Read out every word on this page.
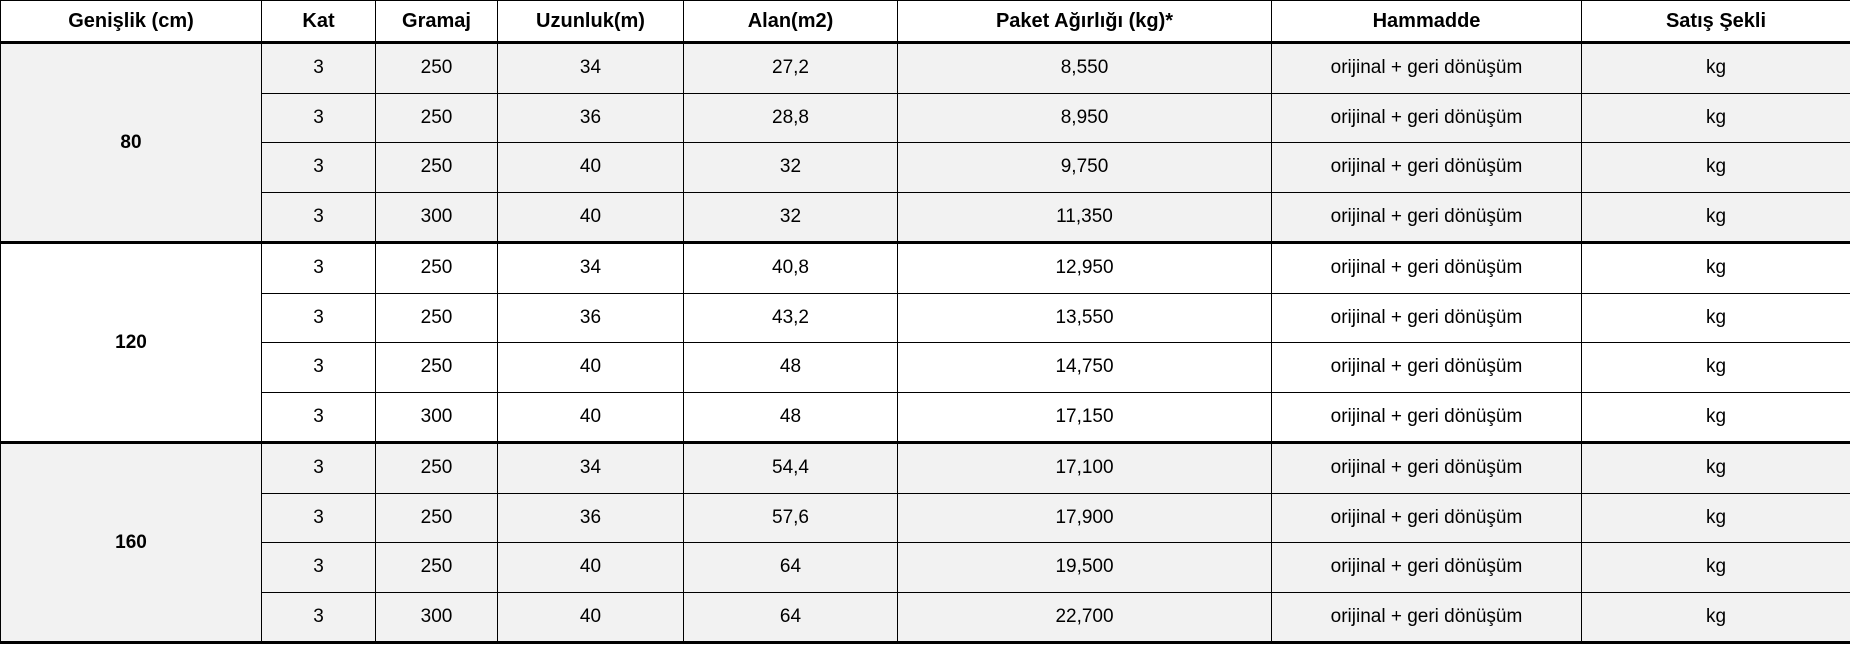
Genişlik (cm)	Kat	Gramaj	Uzunluk(m)	Alan(m2)	Paket Ağırlığı (kg)*	Hammadde	Satış Şekli
80	3	250	34	27,2	8,550	orijinal + geri dönüşüm	kg
	3	250	36	28,8	8,950	orijinal + geri dönüşüm	kg
	3	250	40	32	9,750	orijinal + geri dönüşüm	kg
	3	300	40	32	11,350	orijinal + geri dönüşüm	kg
120	3	250	34	40,8	12,950	orijinal + geri dönüşüm	kg
	3	250	36	43,2	13,550	orijinal + geri dönüşüm	kg
	3	250	40	48	14,750	orijinal + geri dönüşüm	kg
	3	300	40	48	17,150	orijinal + geri dönüşüm	kg
160	3	250	34	54,4	17,100	orijinal + geri dönüşüm	kg
	3	250	36	57,6	17,900	orijinal + geri dönüşüm	kg
	3	250	40	64	19,500	orijinal + geri dönüşüm	kg
	3	300	40	64	22,700	orijinal + geri dönüşüm	kg
